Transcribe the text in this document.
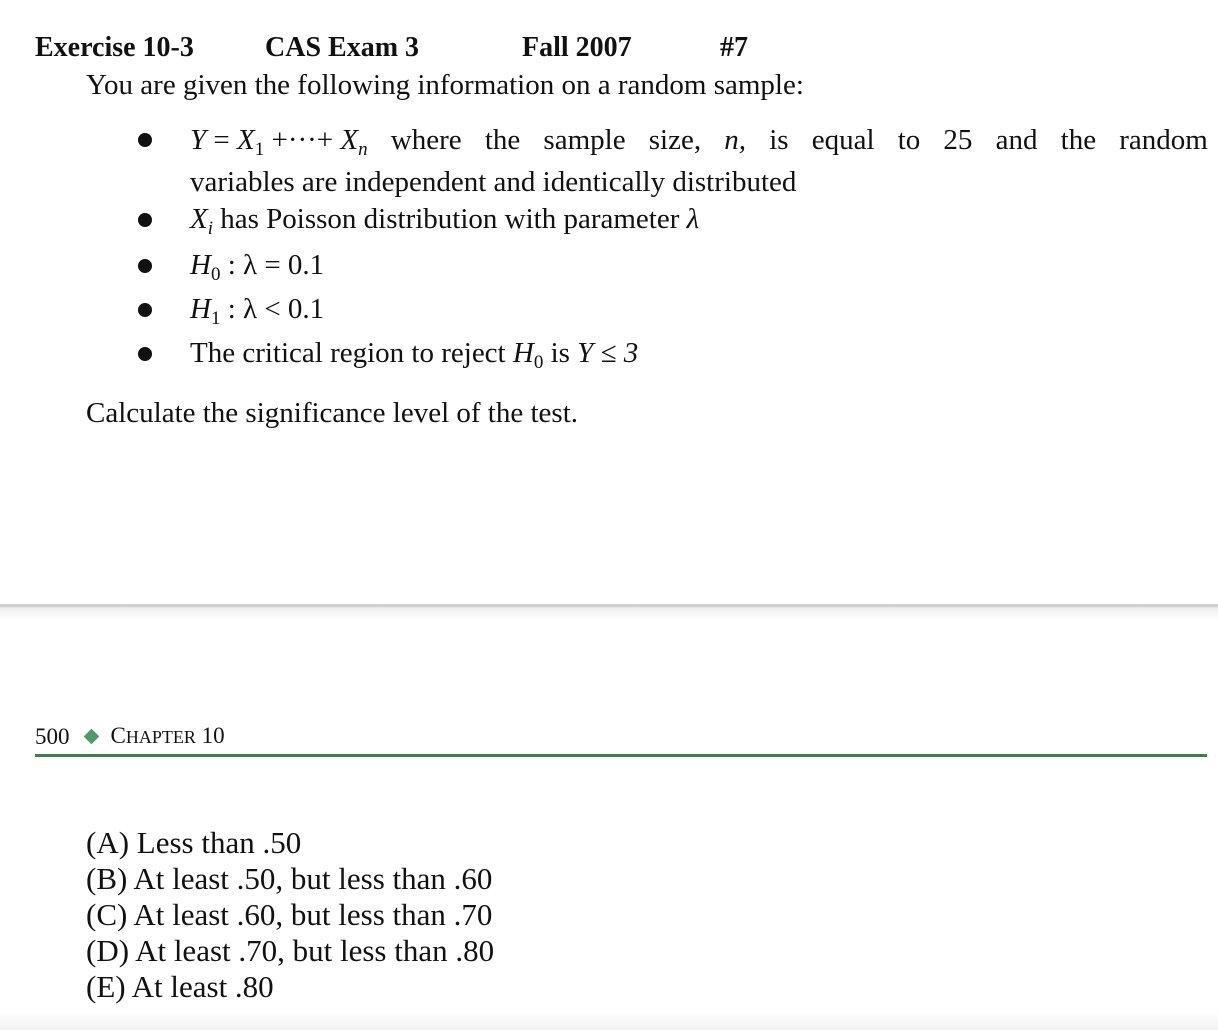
Exercise 10-3	CAS Exam 3	Fall 2007	#7
You are given the following information on a random sample:
$Y = X_1$ +···+ $X_n$ where the sample size, n, is equal to 25 and the random
variables are independent and identically distributed
$X_i$ has Poisson distribution with parameter λ
$H_0$ : λ = 0.1
$H_1$ : λ < 0.1
The critical region to reject $H_0$ is Y ≤ 3
Calculate the significance level of the test.
500 CHAPTER 10
(A) Less than .50
(B) At least .50, but less than .60
(C) At least .60, but less than .70
(D) At least .70, but less than .80
(E) At least .80
